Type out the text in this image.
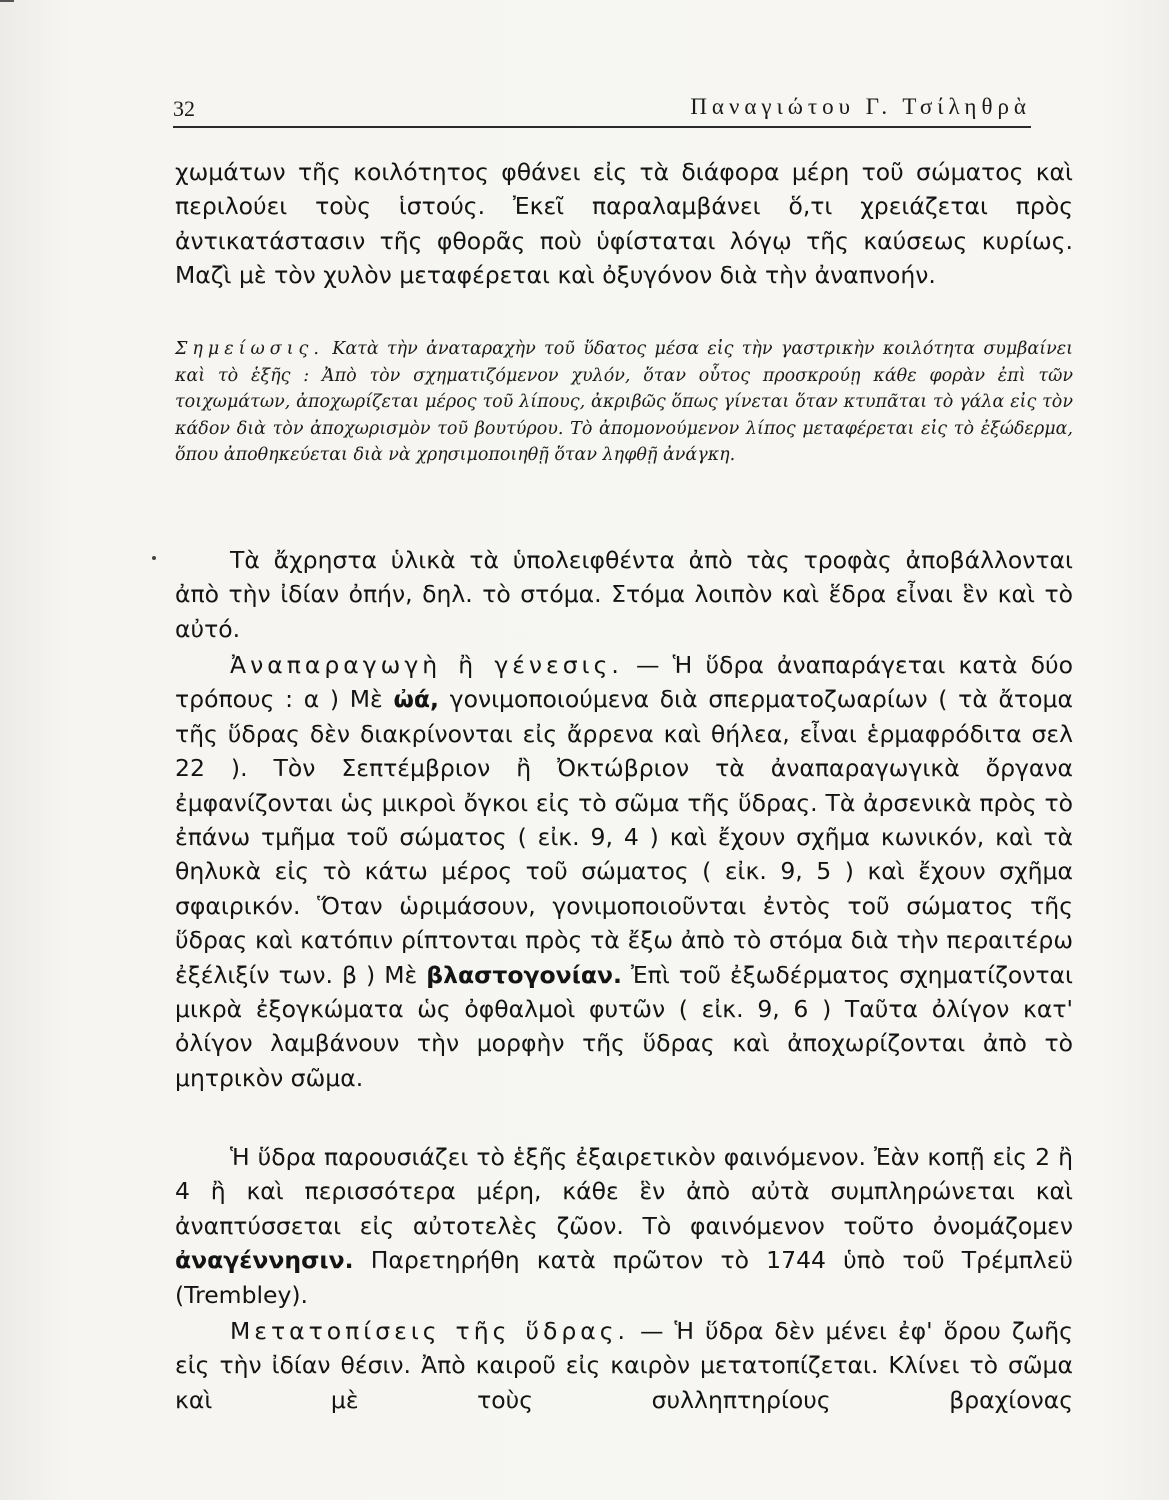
32	Παναγιώτου Γ. Τσίληθρὰ

χωμάτων τῆς κοιλότητος φθάνει εἰς τὰ διάφορα μέρη τοῦ σώματος καὶ περιλούει τοὺς ἱστούς. Ἐκεῖ παραλαμβάνει ὅ,τι χρειάζεται πρὸς ἀντικατάστασιν τῆς φθορᾶς ποὺ ὑφίσταται λόγῳ τῆς καύσεως κυρίως. Μαζὶ μὲ τὸν χυλὸν μεταφέρεται καὶ ὀξυγόνον διὰ τὴν ἀναπνοήν.

Σημείωσις. Κατὰ τὴν ἀναταραχὴν τοῦ ὕδατος μέσα εἰς τὴν γαστρικὴν κοιλότητα συμβαίνει καὶ τὸ ἑξῆς : Ἀπὸ τὸν σχηματιζόμενον χυλόν, ὅταν οὗτος προσκρούῃ κάθε φορὰν ἐπὶ τῶν τοιχωμάτων, ἀποχωρίζεται μέρος τοῦ λίπους, ἀκριβῶς ὅπως γίνεται ὅταν κτυπᾶται τὸ γάλα εἰς τὸν κάδον διὰ τὸν ἀποχωρισμὸν τοῦ βουτύρου. Τὸ ἀπομονούμενον λίπος μεταφέρεται εἰς τὸ ἐξώδερμα, ὅπου ἀποθηκεύεται διὰ νὰ χρησιμοποιηθῇ ὅταν ληφθῇ ἀνάγκη.

Τὰ ἄχρηστα ὑλικὰ τὰ ὑπολειφθέντα ἀπὸ τὰς τροφὰς ἀποβάλλονται ἀπὸ τὴν ἰδίαν ὀπήν, δηλ. τὸ στόμα. Στόμα λοιπὸν καὶ ἕδρα εἶναι ἓν καὶ τὸ αὐτό.

Ἀναπαραγωγὴ ἢ γένεσις. — Ἡ ὕδρα ἀναπαράγεται κατὰ δύο τρόπους : α ) Μὲ ὠά, γονιμοποιούμενα διὰ σπερματοζωαρίων ( τὰ ἄτομα τῆς ὕδρας δὲν διακρίνονται εἰς ἄρρενα καὶ θήλεα, εἶναι ἑρμαφρόδιτα σελ 22 ). Τὸν Σεπτέμβριον ἢ Ὀκτώβριον τὰ ἀναπαραγωγικὰ ὄργανα ἐμφανίζονται ὡς μικροὶ ὄγκοι εἰς τὸ σῶμα τῆς ὕδρας. Τὰ ἀρσενικὰ πρὸς τὸ ἐπάνω τμῆμα τοῦ σώματος ( εἰκ. 9, 4 ) καὶ ἔχουν σχῆμα κωνικόν, καὶ τὰ θηλυκὰ εἰς τὸ κάτω μέρος τοῦ σώματος ( εἰκ. 9, 5 ) καὶ ἔχουν σχῆμα σφαιρικόν. Ὅταν ὡριμάσουν, γονιμοποιοῦνται ἐντὸς τοῦ σώματος τῆς ὕδρας καὶ κατόπιν ρίπτονται πρὸς τὰ ἔξω ἀπὸ τὸ στόμα διὰ τὴν περαιτέρω ἐξέλιξίν των. β ) Μὲ βλαστογονίαν. Ἐπὶ τοῦ ἐξωδέρματος σχηματίζονται μικρὰ ἐξογκώματα ὡς ὀφθαλμοὶ φυτῶν ( εἰκ. 9, 6 ) Ταῦτα ὀλίγον κατ' ὀλίγον λαμβάνουν τὴν μορφὴν τῆς ὕδρας καὶ ἀποχωρίζονται ἀπὸ τὸ μητρικὸν σῶμα.

Ἡ ὕδρα παρουσιάζει τὸ ἑξῆς ἐξαιρετικὸν φαινόμενον. Ἐὰν κοπῇ εἰς 2 ἢ 4 ἢ καὶ περισσότερα μέρη, κάθε ἓν ἀπὸ αὐτὰ συμπληρώνεται καὶ ἀναπτύσσεται εἰς αὐτοτελὲς ζῶον. Τὸ φαινόμενον τοῦτο ὀνομάζομεν ἀναγέννησιν. Παρετηρήθη κατὰ πρῶτον τὸ 1744 ὑπὸ τοῦ Τρέμπλεϋ (Trembley).

Μετατοπίσεις τῆς ὕδρας. — Ἡ ὕδρα δὲν μένει ἐφ' ὅρου ζωῆς εἰς τὴν ἰδίαν θέσιν. Ἀπὸ καιροῦ εἰς καιρὸν μετατοπίζεται. Κλίνει τὸ σῶμα καὶ μὲ τοὺς συλληπτηρίους βραχίονας
